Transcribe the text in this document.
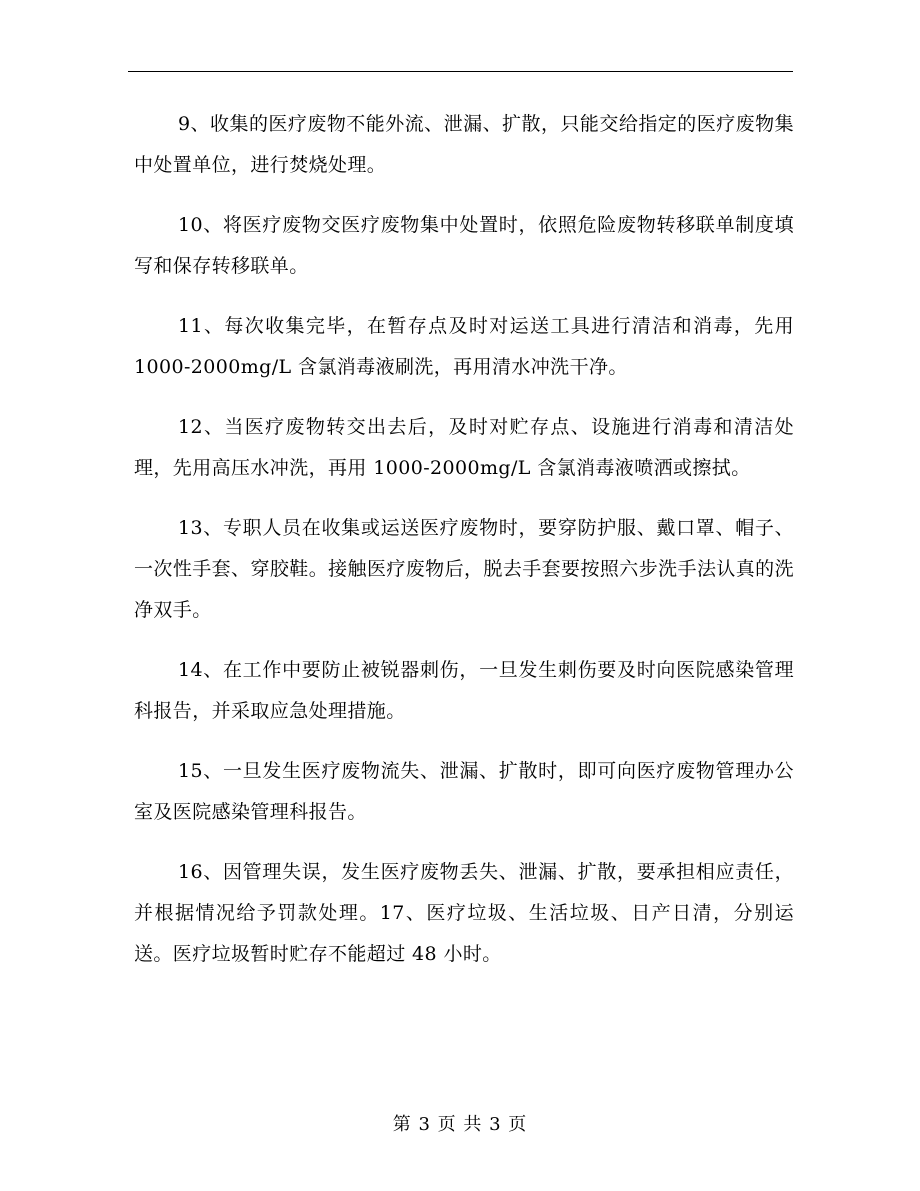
9、收集的医疗废物不能外流、泄漏、扩散，只能交给指定的医疗废物集中处置单位，进行焚烧处理。

10、将医疗废物交医疗废物集中处置时，依照危险废物转移联单制度填写和保存转移联单。

11、每次收集完毕，在暂存点及时对运送工具进行清洁和消毒，先用 1000-2000mg/L 含氯消毒液刷洗，再用清水冲洗干净。

12、当医疗废物转交出去后，及时对贮存点、设施进行消毒和清洁处理，先用高压水冲洗，再用 1000-2000mg/L 含氯消毒液喷洒或擦拭。

13、专职人员在收集或运送医疗废物时，要穿防护服、戴口罩、帽子、一次性手套、穿胶鞋。接触医疗废物后，脱去手套要按照六步洗手法认真的洗净双手。

14、在工作中要防止被锐器刺伤，一旦发生刺伤要及时向医院感染管理科报告，并采取应急处理措施。

15、一旦发生医疗废物流失、泄漏、扩散时，即可向医疗废物管理办公室及医院感染管理科报告。

16、因管理失误，发生医疗废物丢失、泄漏、扩散，要承担相应责任，并根据情况给予罚款处理。17、医疗垃圾、生活垃圾、日产日清，分别运送。医疗垃圾暂时贮存不能超过 48 小时。

第 3 页 共 3 页
